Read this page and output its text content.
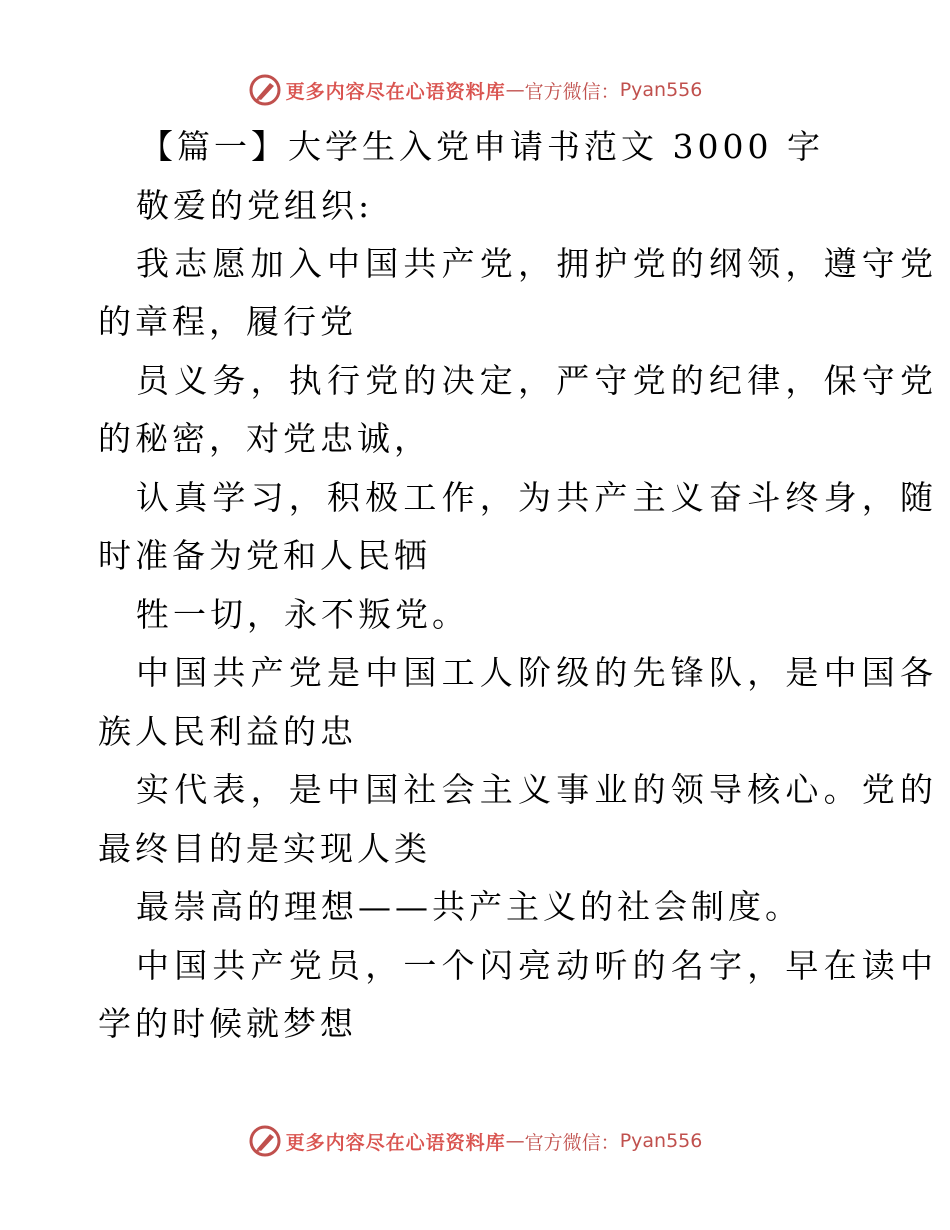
更多内容尽在心语资料库 — 官方微信： Pyan556
【篇一】大学生入党申请书范文 3000 字
敬爱的党组织:
我志愿加入中国共产党，拥护党的纲领，遵守党
的章程，履行党
员义务，执行党的决定，严守党的纪律，保守党
的秘密，对党忠诚，
认真学习，积极工作，为共产主义奋斗终身，随
时准备为党和人民牺
牲一切，永不叛党。
中国共产党是中国工人阶级的先锋队，是中国各
族人民利益的忠
实代表，是中国社会主义事业的领导核心。党的
最终目的是实现人类
最崇高的理想——共产主义的社会制度。
中国共产党员，一个闪亮动听的名字，早在读中
学的时候就梦想
更多内容尽在心语资料库 — 官方微信： Pyan556
